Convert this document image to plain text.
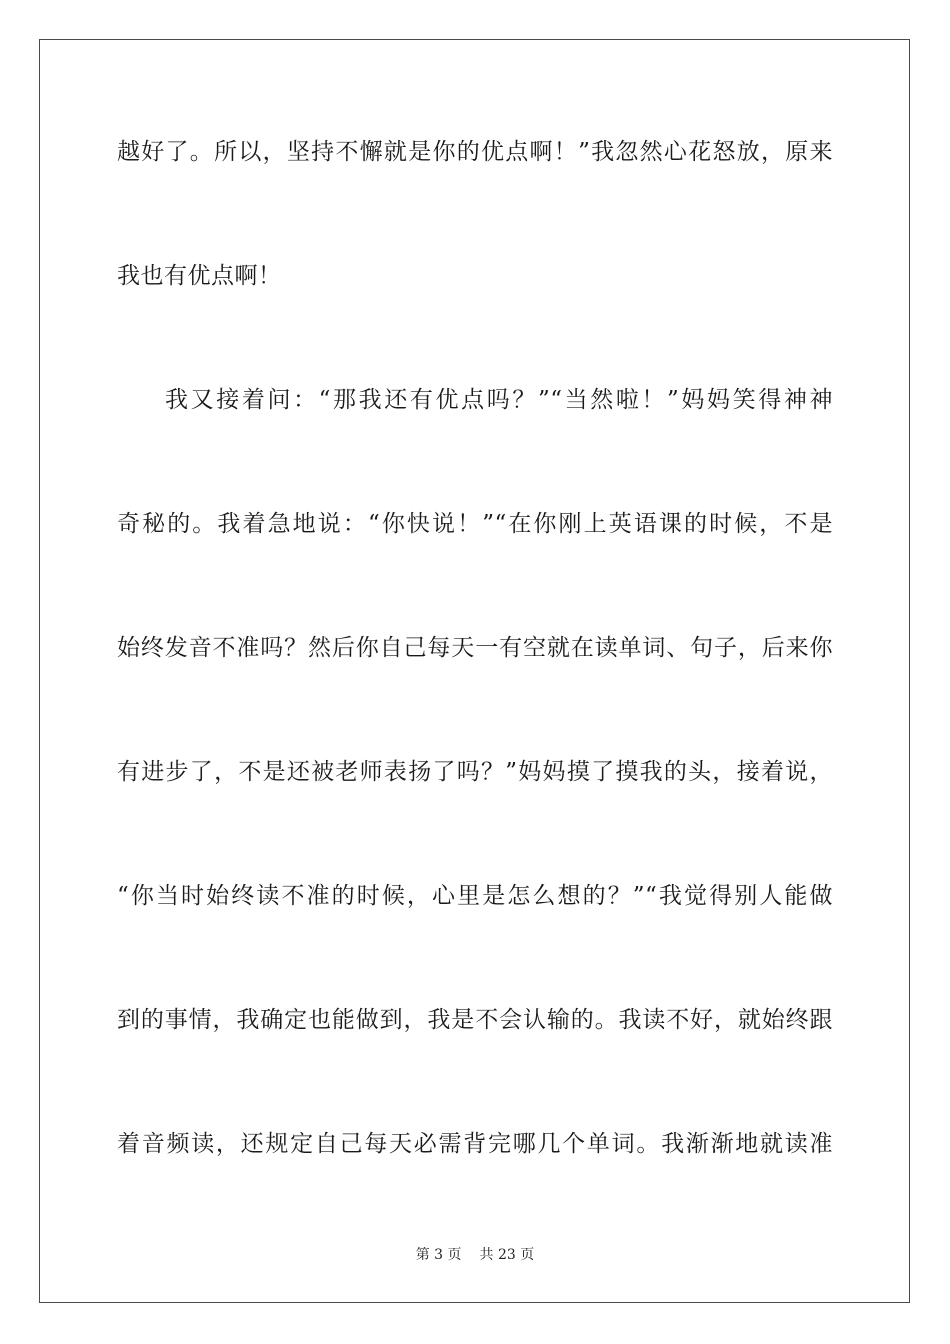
越好了。所以，坚持不懈就是你的优点啊！”我忽然心花怒放，原来
我也有优点啊！
我又接着问：“那我还有优点吗？”“当然啦！”妈妈笑得神神
奇秘的。我着急地说：“你快说！”“在你刚上英语课的时候，不是
始终发音不准吗？然后你自己每天一有空就在读单词、句子，后来你
有进步了，不是还被老师表扬了吗？”妈妈摸了摸我的头，接着说，
“你当时始终读不准的时候，心里是怎么想的？”“我觉得别人能做
到的事情，我确定也能做到，我是不会认输的。我读不好，就始终跟
着音频读，还规定自己每天必需背完哪几个单词。我渐渐地就读准
第 3 页 共 23 页
